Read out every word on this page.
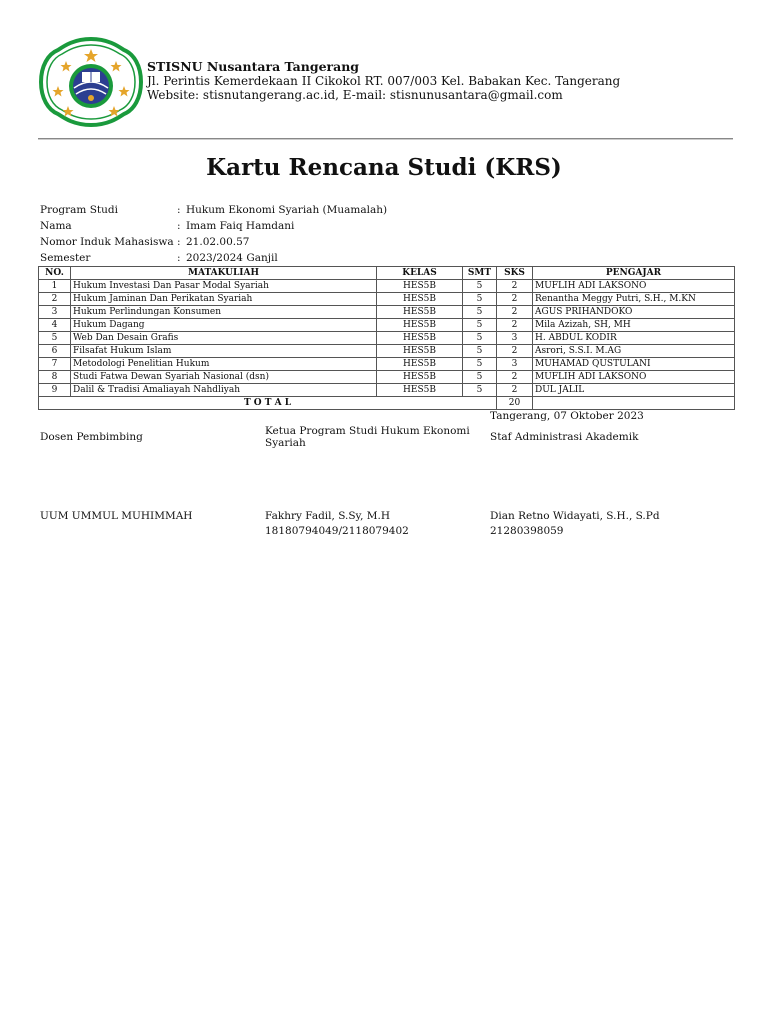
STISNU Nusantara Tangerang
Jl. Perintis Kemerdekaan II Cikokol RT. 007/003 Kel. Babakan Kec. Tangerang
Website: stisnutangerang.ac.id, E-mail: stisnunusantara@gmail.com
Kartu Rencana Studi (KRS)
Program Studi	: Hukum Ekonomi Syariah (Muamalah)
Nama	: Imam Faiq Hamdani
Nomor Induk Mahasiswa : 21.02.00.57
Semester	: 2023/2024 Ganjil
NO.	MATAKULIAH	KELAS	SMT	SKS	PENGAJAR
1	Hukum Investasi Dan Pasar Modal Syariah	HES5B	5	2	MUFLIH ADI LAKSONO
2	Hukum Jaminan Dan Perikatan Syariah	HES5B	5	2	Renantha Meggy Putri, S.H., M.KN
3	Hukum Perlindungan Konsumen	HES5B	5	2	AGUS PRIHANDOKO
4	Hukum Dagang	HES5B	5	2	Mila Azizah, SH, MH
5	Web Dan Desain Grafis	HES5B	5	3	H. ABDUL KODIR
6	Filsafat Hukum Islam	HES5B	5	2	Asrori, S.S.I. M.AG
7	Metodologi Penelitian Hukum	HES5B	5	3	MUHAMAD QUSTULANI
8	Studi Fatwa Dewan Syariah Nasional (dsn)	HES5B	5	2	MUFLIH ADI LAKSONO
9	Dalil & Tradisi Amaliayah Nahdliyah	HES5B	5	2	DUL JALIL
T O T A L				20	
Tangerang, 07 Oktober 2023
Dosen Pembimbing	Ketua Program Studi Hukum Ekonomi Syariah	Staf Administrasi Akademik
UUM UMMUL MUHIMMAH	Fakhry Fadil, S.Sy, M.H
18180794049/2118079402
Dian Retno Widayati, S.H., S.Pd
21280398059
